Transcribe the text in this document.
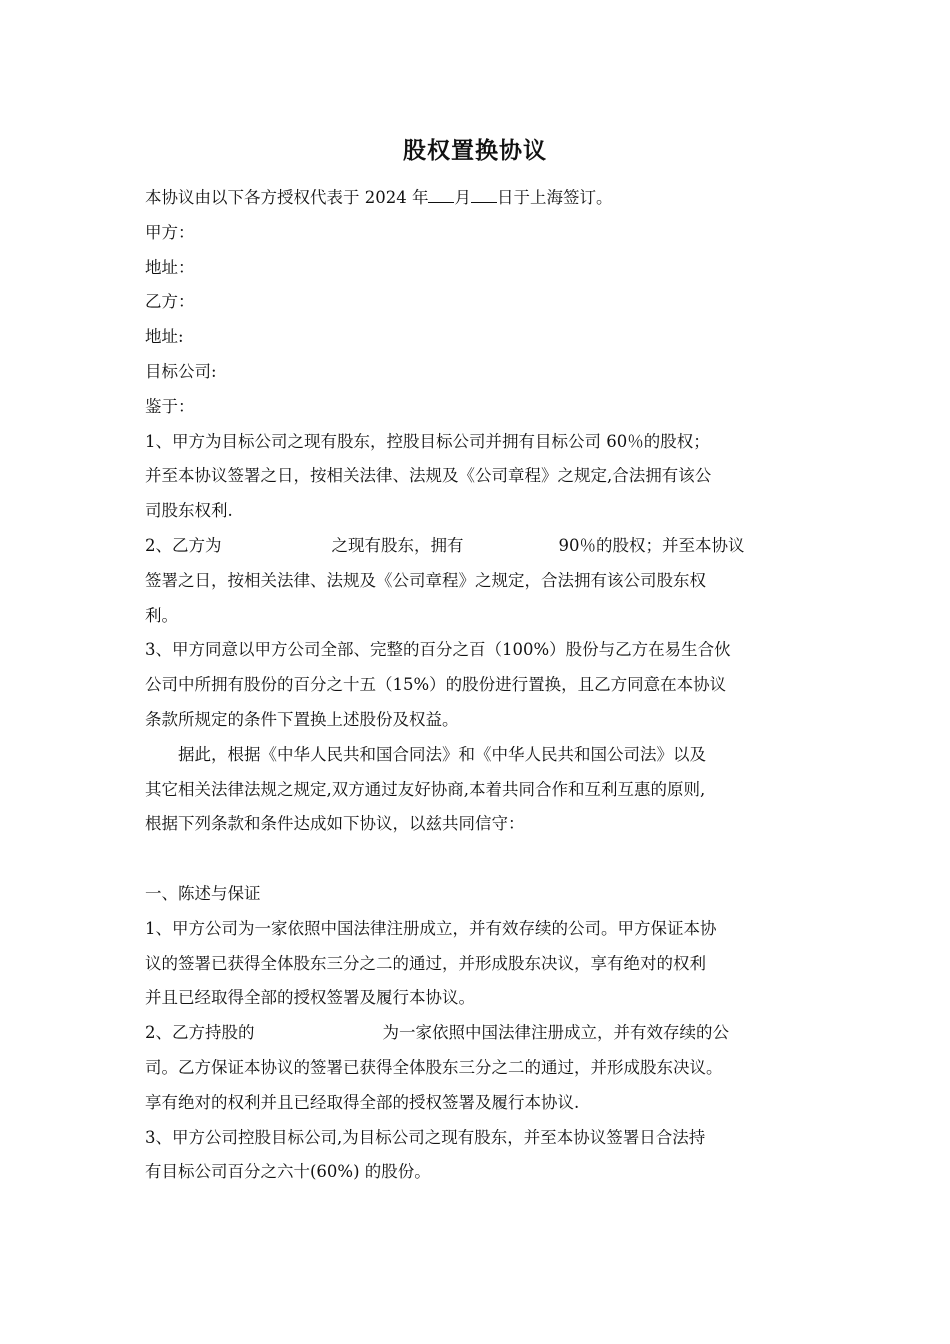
股权置换协议

本协议由以下各方授权代表于 2024 年 月 日于上海签订。

甲方：

地址：

乙方：

地址:

目标公司:

鉴于：

1、甲方为目标公司之现有股东，控股目标公司并拥有目标公司 60％的股权；

并至本协议签署之日，按相关法律、法规及《公司章程》之规定,合法拥有该公

司股东权利.

2、乙方为	之现有股东，拥有	90％的股权；并至本协议

签署之日，按相关法律、法规及《公司章程》之规定，合法拥有该公司股东权

利。

3、甲方同意以甲方公司全部、完整的百分之百（100%）股份与乙方在易生合伙

公司中所拥有股份的百分之十五（15%）的股份进行置换，且乙方同意在本协议

条款所规定的条件下置换上述股份及权益。

据此，根据《中华人民共和国合同法》和《中华人民共和国公司法》以及

其它相关法律法规之规定,双方通过友好协商,本着共同合作和互利互惠的原则,

根据下列条款和条件达成如下协议，以兹共同信守：

一、陈述与保证

1、甲方公司为一家依照中国法律注册成立，并有效存续的公司。甲方保证本协

议的签署已获得全体股东三分之二的通过，并形成股东决议，享有绝对的权利

并且已经取得全部的授权签署及履行本协议。

2、乙方持股的	为一家依照中国法律注册成立，并有效存续的公

司。乙方保证本协议的签署已获得全体股东三分之二的通过，并形成股东决议。

享有绝对的权利并且已经取得全部的授权签署及履行本协议.

3、甲方公司控股目标公司,为目标公司之现有股东，并至本协议签署日合法持

有目标公司百分之六十(60%) 的股份。
